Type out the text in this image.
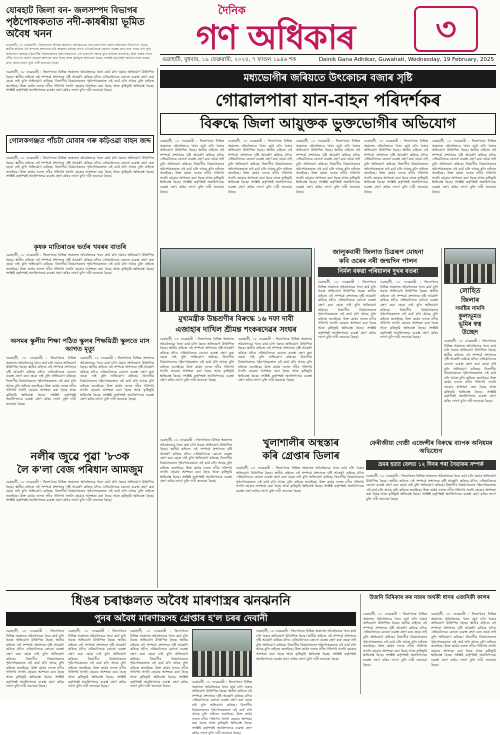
যোৰহাট জিলা বন- জলসম্পদ বিভাগৰ
পৃষ্ঠপোষকতাত নদী-কাষৰীয়া ভূমিত অবৈধ খনন
গুৱাহাটী, ১৮ ফেব্ৰুৱাৰী : জিলাখনৰ বিভিন্ন অঞ্চলত অবৈধভাৱে খনন কাৰ্য চলি থকাৰ অভিযোগ উত্থাপিত হৈছে। স্থানীয় ৰাইজে এই সম্পৰ্কে প্ৰশাসনৰ দৃষ্টি আকৰ্ষণ কৰিছে যদিও এতিয়ালৈকে কোনো ব্যৱস্থা গ্ৰহণ কৰা হোৱা নাই বুলি অভিযোগ কৰিছে। বিভাগীয় বিষয়াসকলৰ পৃষ্ঠপোষকতাত এই কাৰ্য চলি আছে বুলি ৰাইজে জনাইছে। উক্ত কাৰ্যৰ ফলত নদীৰ গতিপথ সলনি হোৱাৰ আশংকা কৰা হৈছে আৰু কৃষিভূমি ক্ষতিগ্ৰস্ত হৈছে। সংশ্লিষ্ট কৰ্তৃপক্ষই অনতিপলমে ব্যৱস্থা গ্ৰহণ কৰিব লাগে বুলি দাবী জনোৱা হৈছে।
দৈনিক
গণ অধিকাৰ	৩
গুৱাহাটী, বুধবাৰ, ১৯ ফেব্ৰুৱাৰী, ২০২৫, ৭ ফাগুন ১৯৪৬ শক	Dainik Gana Adhikar, Guwahati, Wednesday, 19 February, 2025
গুৱাহাটী, ১৮ ফেব্ৰুৱাৰী : জিলাখনৰ বিভিন্ন অঞ্চলত অবৈধভাৱে খনন কাৰ্য চলি থকাৰ অভিযোগ উত্থাপিত হৈছে। স্থানীয় ৰাইজে এই সম্পৰ্কে প্ৰশাসনৰ দৃষ্টি আকৰ্ষণ কৰিছে যদিও এতিয়ালৈকে কোনো ব্যৱস্থা গ্ৰহণ কৰা হোৱা নাই বুলি অভিযোগ কৰিছে। বিভাগীয় বিষয়াসকলৰ পৃষ্ঠপোষকতাত এই কাৰ্য চলি আছে বুলি ৰাইজে জনাইছে। উক্ত কাৰ্যৰ ফলত নদীৰ গতিপথ সলনি হোৱাৰ আশংকা কৰা হৈছে আৰু কৃষিভূমি ক্ষতিগ্ৰস্ত হৈছে। সংশ্লিষ্ট কৰ্তৃপক্ষই অনতিপলমে ব্যৱস্থা গ্ৰহণ কৰিব লাগে বুলি দাবী জনোৱা হৈছে।
গোলকগঞ্জত পাঁচটা মোবাৰ গৰু কঢ়িওৱা বাহন জব্দ
গুৱাহাটী, ১৮ ফেব্ৰুৱাৰী : জিলাখনৰ বিভিন্ন অঞ্চলত অবৈধভাৱে খনন কাৰ্য চলি থকাৰ অভিযোগ উত্থাপিত হৈছে। স্থানীয় ৰাইজে এই সম্পৰ্কে প্ৰশাসনৰ দৃষ্টি আকৰ্ষণ কৰিছে যদিও এতিয়ালৈকে কোনো ব্যৱস্থা গ্ৰহণ কৰা হোৱা নাই বুলি অভিযোগ কৰিছে। বিভাগীয় বিষয়াসকলৰ পৃষ্ঠপোষকতাত এই কাৰ্য চলি আছে বুলি ৰাইজে জনাইছে। উক্ত কাৰ্যৰ ফলত নদীৰ গতিপথ সলনি হোৱাৰ আশংকা কৰা হৈছে আৰু কৃষিভূমি ক্ষতিগ্ৰস্ত হৈছে। সংশ্লিষ্ট কৰ্তৃপক্ষই অনতিপলমে ব্যৱস্থা গ্ৰহণ কৰিব লাগে বুলি দাবী জনোৱা হৈছে।
কৃষক মাতিৰাওৰ ভৰ্তৰ খবৰৰ বাতৰি
গুৱাহাটী, ১৮ ফেব্ৰুৱাৰী : জিলাখনৰ বিভিন্ন অঞ্চলত অবৈধভাৱে খনন কাৰ্য চলি থকাৰ অভিযোগ উত্থাপিত হৈছে। স্থানীয় ৰাইজে এই সম্পৰ্কে প্ৰশাসনৰ দৃষ্টি আকৰ্ষণ কৰিছে যদিও এতিয়ালৈকে কোনো ব্যৱস্থা গ্ৰহণ কৰা হোৱা নাই বুলি অভিযোগ কৰিছে। বিভাগীয় বিষয়াসকলৰ পৃষ্ঠপোষকতাত এই কাৰ্য চলি আছে বুলি ৰাইজে জনাইছে। উক্ত কাৰ্যৰ ফলত নদীৰ গতিপথ সলনি হোৱাৰ আশংকা কৰা হৈছে আৰু কৃষিভূমি ক্ষতিগ্ৰস্ত হৈছে। সংশ্লিষ্ট কৰ্তৃপক্ষই অনতিপলমে ব্যৱস্থা গ্ৰহণ কৰিব লাগে বুলি দাবী জনোৱা হৈছে।
অসমৰ স্কুলীয় শিক্ষা পঠিত স্কুলৰ শিক্ষয়িত্ৰী স্কুলতে মাস আগত মৃত্যু
গুৱাহাটী, ১৮ ফেব্ৰুৱাৰী : জিলাখনৰ বিভিন্ন অঞ্চলত অবৈধভাৱে খনন কাৰ্য চলি থকাৰ অভিযোগ উত্থাপিত হৈছে। স্থানীয় ৰাইজে এই সম্পৰ্কে প্ৰশাসনৰ দৃষ্টি আকৰ্ষণ কৰিছে যদিও এতিয়ালৈকে কোনো ব্যৱস্থা গ্ৰহণ কৰা হোৱা নাই বুলি অভিযোগ কৰিছে। বিভাগীয় বিষয়াসকলৰ পৃষ্ঠপোষকতাত এই কাৰ্য চলি আছে বুলি ৰাইজে জনাইছে। উক্ত কাৰ্যৰ ফলত নদীৰ গতিপথ সলনি হোৱাৰ আশংকা কৰা হৈছে আৰু কৃষিভূমি ক্ষতিগ্ৰস্ত হৈছে। সংশ্লিষ্ট কৰ্তৃপক্ষই অনতিপলমে ব্যৱস্থা গ্ৰহণ কৰিব লাগে বুলি দাবী জনোৱা হৈছে।
গুৱাহাটী, ১৮ ফেব্ৰুৱাৰী : জিলাখনৰ বিভিন্ন অঞ্চলত অবৈধভাৱে খনন কাৰ্য চলি থকাৰ অভিযোগ উত্থাপিত হৈছে। স্থানীয় ৰাইজে এই সম্পৰ্কে প্ৰশাসনৰ দৃষ্টি আকৰ্ষণ কৰিছে যদিও এতিয়ালৈকে কোনো ব্যৱস্থা গ্ৰহণ কৰা হোৱা নাই বুলি অভিযোগ কৰিছে। বিভাগীয় বিষয়াসকলৰ পৃষ্ঠপোষকতাত এই কাৰ্য চলি আছে বুলি ৰাইজে জনাইছে। উক্ত কাৰ্যৰ ফলত নদীৰ গতিপথ সলনি হোৱাৰ আশংকা কৰা হৈছে আৰু কৃষিভূমি ক্ষতিগ্ৰস্ত হৈছে। সংশ্লিষ্ট কৰ্তৃপক্ষই অনতিপলমে ব্যৱস্থা গ্ৰহণ কৰিব লাগে বুলি দাবী জনোৱা হৈছে।
নলীৰ জুৱে পুৱা '৮৩ক
লৈ ক'লা বেজ পৰিধান আমজুম
গুৱাহাটী, ১৮ ফেব্ৰুৱাৰী : জিলাখনৰ বিভিন্ন অঞ্চলত অবৈধভাৱে খনন কাৰ্য চলি থকাৰ অভিযোগ উত্থাপিত হৈছে। স্থানীয় ৰাইজে এই সম্পৰ্কে প্ৰশাসনৰ দৃষ্টি আকৰ্ষণ কৰিছে যদিও এতিয়ালৈকে কোনো ব্যৱস্থা গ্ৰহণ কৰা হোৱা নাই বুলি অভিযোগ কৰিছে। বিভাগীয় বিষয়াসকলৰ পৃষ্ঠপোষকতাত এই কাৰ্য চলি আছে বুলি ৰাইজে জনাইছে। উক্ত কাৰ্যৰ ফলত নদীৰ গতিপথ সলনি হোৱাৰ আশংকা কৰা হৈছে আৰু কৃষিভূমি ক্ষতিগ্ৰস্ত হৈছে। সংশ্লিষ্ট কৰ্তৃপক্ষই অনতিপলমে ব্যৱস্থা গ্ৰহণ কৰিব লাগে বুলি দাবী জনোৱা হৈছে।
মধ্যভোগীৰ জৰিয়তে উৎকোচৰ বজাৰ সৃষ্টি
গোৱালপাৰা যান-বাহন পৰিদৰ্শকৰ
বিৰুদ্ধে জিলা আয়ুক্তক ভুক্তভোগীৰ অভিযোগ
গুৱাহাটী, ১৮ ফেব্ৰুৱাৰী : জিলাখনৰ বিভিন্ন অঞ্চলত অবৈধভাৱে খনন কাৰ্য চলি থকাৰ অভিযোগ উত্থাপিত হৈছে। স্থানীয় ৰাইজে এই সম্পৰ্কে প্ৰশাসনৰ দৃষ্টি আকৰ্ষণ কৰিছে যদিও এতিয়ালৈকে কোনো ব্যৱস্থা গ্ৰহণ কৰা হোৱা নাই বুলি অভিযোগ কৰিছে। বিভাগীয় বিষয়াসকলৰ পৃষ্ঠপোষকতাত এই কাৰ্য চলি আছে বুলি ৰাইজে জনাইছে। উক্ত কাৰ্যৰ ফলত নদীৰ গতিপথ সলনি হোৱাৰ আশংকা কৰা হৈছে আৰু কৃষিভূমি ক্ষতিগ্ৰস্ত হৈছে। সংশ্লিষ্ট কৰ্তৃপক্ষই অনতিপলমে ব্যৱস্থা গ্ৰহণ কৰিব লাগে বুলি দাবী জনোৱা হৈছে।
গুৱাহাটী, ১৮ ফেব্ৰুৱাৰী : জিলাখনৰ বিভিন্ন অঞ্চলত অবৈধভাৱে খনন কাৰ্য চলি থকাৰ অভিযোগ উত্থাপিত হৈছে। স্থানীয় ৰাইজে এই সম্পৰ্কে প্ৰশাসনৰ দৃষ্টি আকৰ্ষণ কৰিছে যদিও এতিয়ালৈকে কোনো ব্যৱস্থা গ্ৰহণ কৰা হোৱা নাই বুলি অভিযোগ কৰিছে। বিভাগীয় বিষয়াসকলৰ পৃষ্ঠপোষকতাত এই কাৰ্য চলি আছে বুলি ৰাইজে জনাইছে। উক্ত কাৰ্যৰ ফলত নদীৰ গতিপথ সলনি হোৱাৰ আশংকা কৰা হৈছে আৰু কৃষিভূমি ক্ষতিগ্ৰস্ত হৈছে। সংশ্লিষ্ট কৰ্তৃপক্ষই অনতিপলমে ব্যৱস্থা গ্ৰহণ কৰিব লাগে বুলি দাবী জনোৱা হৈছে।
গুৱাহাটী, ১৮ ফেব্ৰুৱাৰী : জিলাখনৰ বিভিন্ন অঞ্চলত অবৈধভাৱে খনন কাৰ্য চলি থকাৰ অভিযোগ উত্থাপিত হৈছে। স্থানীয় ৰাইজে এই সম্পৰ্কে প্ৰশাসনৰ দৃষ্টি আকৰ্ষণ কৰিছে যদিও এতিয়ালৈকে কোনো ব্যৱস্থা গ্ৰহণ কৰা হোৱা নাই বুলি অভিযোগ কৰিছে। বিভাগীয় বিষয়াসকলৰ পৃষ্ঠপোষকতাত এই কাৰ্য চলি আছে বুলি ৰাইজে জনাইছে। উক্ত কাৰ্যৰ ফলত নদীৰ গতিপথ সলনি হোৱাৰ আশংকা কৰা হৈছে আৰু কৃষিভূমি ক্ষতিগ্ৰস্ত হৈছে। সংশ্লিষ্ট কৰ্তৃপক্ষই অনতিপলমে ব্যৱস্থা গ্ৰহণ কৰিব লাগে বুলি দাবী জনোৱা হৈছে।
গুৱাহাটী, ১৮ ফেব্ৰুৱাৰী : জিলাখনৰ বিভিন্ন অঞ্চলত অবৈধভাৱে খনন কাৰ্য চলি থকাৰ অভিযোগ উত্থাপিত হৈছে। স্থানীয় ৰাইজে এই সম্পৰ্কে প্ৰশাসনৰ দৃষ্টি আকৰ্ষণ কৰিছে যদিও এতিয়ালৈকে কোনো ব্যৱস্থা গ্ৰহণ কৰা হোৱা নাই বুলি অভিযোগ কৰিছে। বিভাগীয় বিষয়াসকলৰ পৃষ্ঠপোষকতাত এই কাৰ্য চলি আছে বুলি ৰাইজে জনাইছে। উক্ত কাৰ্যৰ ফলত নদীৰ গতিপথ সলনি হোৱাৰ আশংকা কৰা হৈছে আৰু কৃষিভূমি ক্ষতিগ্ৰস্ত হৈছে। সংশ্লিষ্ট কৰ্তৃপক্ষই অনতিপলমে ব্যৱস্থা গ্ৰহণ কৰিব লাগে বুলি দাবী জনোৱা হৈছে।
গুৱাহাটী, ১৮ ফেব্ৰুৱাৰী : জিলাখনৰ বিভিন্ন অঞ্চলত অবৈধভাৱে খনন কাৰ্য চলি থকাৰ অভিযোগ উত্থাপিত হৈছে। স্থানীয় ৰাইজে এই সম্পৰ্কে প্ৰশাসনৰ দৃষ্টি আকৰ্ষণ কৰিছে যদিও এতিয়ালৈকে কোনো ব্যৱস্থা গ্ৰহণ কৰা হোৱা নাই বুলি অভিযোগ কৰিছে। বিভাগীয় বিষয়াসকলৰ পৃষ্ঠপোষকতাত এই কাৰ্য চলি আছে বুলি ৰাইজে জনাইছে। উক্ত কাৰ্যৰ ফলত নদীৰ গতিপথ সলনি হোৱাৰ আশংকা কৰা হৈছে আৰু কৃষিভূমি ক্ষতিগ্ৰস্ত হৈছে। সংশ্লিষ্ট কৰ্তৃপক্ষই অনতিপলমে ব্যৱস্থা গ্ৰহণ কৰিব লাগে বুলি দাবী জনোৱা হৈছে।
মুখ্যমন্ত্ৰীক উচ্চশ্ৰণীৰ বিৰুদ্ধে ১৬ দফা দাবী
এজাহাৰ দাখিল শ্ৰীমন্ত শংকৰদেৱৰ সংঘৰ
গুৱাহাটী, ১৮ ফেব্ৰুৱাৰী : জিলাখনৰ বিভিন্ন অঞ্চলত অবৈধভাৱে খনন কাৰ্য চলি থকাৰ অভিযোগ উত্থাপিত হৈছে। স্থানীয় ৰাইজে এই সম্পৰ্কে প্ৰশাসনৰ দৃষ্টি আকৰ্ষণ কৰিছে যদিও এতিয়ালৈকে কোনো ব্যৱস্থা গ্ৰহণ কৰা হোৱা নাই বুলি অভিযোগ কৰিছে। বিভাগীয় বিষয়াসকলৰ পৃষ্ঠপোষকতাত এই কাৰ্য চলি আছে বুলি ৰাইজে জনাইছে। উক্ত কাৰ্যৰ ফলত নদীৰ গতিপথ সলনি হোৱাৰ আশংকা কৰা হৈছে আৰু কৃষিভূমি ক্ষতিগ্ৰস্ত হৈছে। সংশ্লিষ্ট কৰ্তৃপক্ষই অনতিপলমে ব্যৱস্থা গ্ৰহণ কৰিব লাগে বুলি দাবী জনোৱা হৈছে।
গুৱাহাটী, ১৮ ফেব্ৰুৱাৰী : জিলাখনৰ বিভিন্ন অঞ্চলত অবৈধভাৱে খনন কাৰ্য চলি থকাৰ অভিযোগ উত্থাপিত হৈছে। স্থানীয় ৰাইজে এই সম্পৰ্কে প্ৰশাসনৰ দৃষ্টি আকৰ্ষণ কৰিছে যদিও এতিয়ালৈকে কোনো ব্যৱস্থা গ্ৰহণ কৰা হোৱা নাই বুলি অভিযোগ কৰিছে। বিভাগীয় বিষয়াসকলৰ পৃষ্ঠপোষকতাত এই কাৰ্য চলি আছে বুলি ৰাইজে জনাইছে। উক্ত কাৰ্যৰ ফলত নদীৰ গতিপথ সলনি হোৱাৰ আশংকা কৰা হৈছে আৰু কৃষিভূমি ক্ষতিগ্ৰস্ত হৈছে। সংশ্লিষ্ট কৰ্তৃপক্ষই অনতিপলমে ব্যৱস্থা গ্ৰহণ কৰিব লাগে বুলি দাবী জনোৱা হৈছে।
খুলাশালীৰ অস্থস্তাৰ
কৰি গ্ৰেপ্তাৰ ডিলাৰ
ফেৰীজীয়া গোষ্ঠী এজেন্সীৰ বিৰুদ্ধে ব্যাপক অনিয়মৰ অভিযোগ
গুৱাহাটী, ১৮ ফেব্ৰুৱাৰী : জিলাখনৰ বিভিন্ন অঞ্চলত অবৈধভাৱে খনন কাৰ্য চলি থকাৰ অভিযোগ উত্থাপিত হৈছে। স্থানীয় ৰাইজে এই সম্পৰ্কে প্ৰশাসনৰ দৃষ্টি আকৰ্ষণ কৰিছে যদিও এতিয়ালৈকে কোনো ব্যৱস্থা গ্ৰহণ কৰা হোৱা নাই বুলি অভিযোগ কৰিছে। বিভাগীয় বিষয়াসকলৰ পৃষ্ঠপোষকতাত এই কাৰ্য চলি আছে বুলি ৰাইজে জনাইছে। উক্ত কাৰ্যৰ ফলত নদীৰ গতিপথ সলনি হোৱাৰ আশংকা কৰা হৈছে আৰু কৃষিভূমি ক্ষতিগ্ৰস্ত হৈছে। সংশ্লিষ্ট কৰ্তৃপক্ষই অনতিপলমে ব্যৱস্থা গ্ৰহণ কৰিব লাগে বুলি দাবী জনোৱা হৈছে।
ভ্ৰমৰ হত্যা বেলত ১২ দিনৰ পৰা সৈয়াকৰ সম্পৰ্ক
গুৱাহাটী, ১৮ ফেব্ৰুৱাৰী : জিলাখনৰ বিভিন্ন অঞ্চলত অবৈধভাৱে খনন কাৰ্য চলি থকাৰ অভিযোগ উত্থাপিত হৈছে। স্থানীয় ৰাইজে এই সম্পৰ্কে প্ৰশাসনৰ দৃষ্টি আকৰ্ষণ কৰিছে যদিও এতিয়ালৈকে কোনো ব্যৱস্থা গ্ৰহণ কৰা হোৱা নাই বুলি অভিযোগ কৰিছে। বিভাগীয় বিষয়াসকলৰ পৃষ্ঠপোষকতাত এই কাৰ্য চলি আছে বুলি ৰাইজে জনাইছে। উক্ত কাৰ্যৰ ফলত নদীৰ গতিপথ সলনি হোৱাৰ আশংকা কৰা হৈছে আৰু কৃষিভূমি ক্ষতিগ্ৰস্ত হৈছে। সংশ্লিষ্ট কৰ্তৃপক্ষই অনতিপলমে ব্যৱস্থা গ্ৰহণ কৰিব লাগে বুলি দাবী জনোৱা হৈছে।
গুৱাহাটী, ১৮ ফেব্ৰুৱাৰী : জিলাখনৰ বিভিন্ন অঞ্চলত অবৈধভাৱে খনন কাৰ্য চলি থকাৰ অভিযোগ উত্থাপিত হৈছে। স্থানীয় ৰাইজে এই সম্পৰ্কে প্ৰশাসনৰ দৃষ্টি আকৰ্ষণ কৰিছে যদিও এতিয়ালৈকে কোনো ব্যৱস্থা গ্ৰহণ কৰা হোৱা নাই বুলি অভিযোগ কৰিছে। বিভাগীয় বিষয়াসকলৰ পৃষ্ঠপোষকতাত এই কাৰ্য চলি আছে বুলি ৰাইজে জনাইছে। উক্ত কাৰ্যৰ ফলত নদীৰ গতিপথ সলনি হোৱাৰ আশংকা কৰা হৈছে আৰু কৃষিভূমি ক্ষতিগ্ৰস্ত হৈছে। সংশ্লিষ্ট কৰ্তৃপক্ষই অনতিপলমে ব্যৱস্থা গ্ৰহণ কৰিব লাগে বুলি দাবী জনোৱা হৈছে।
জালুকবাৰী জিলাত চিত্ৰৰূপ মোহনা
কবি ওৰেৰ নৰী জন্মদিন পালন
নিৰ্মল বৰুৱা পৰিয়ালৰ দুখৰ বতৰা
গুৱাহাটী, ১৮ ফেব্ৰুৱাৰী : জিলাখনৰ বিভিন্ন অঞ্চলত অবৈধভাৱে খনন কাৰ্য চলি থকাৰ অভিযোগ উত্থাপিত হৈছে। স্থানীয় ৰাইজে এই সম্পৰ্কে প্ৰশাসনৰ দৃষ্টি আকৰ্ষণ কৰিছে যদিও এতিয়ালৈকে কোনো ব্যৱস্থা গ্ৰহণ কৰা হোৱা নাই বুলি অভিযোগ কৰিছে। বিভাগীয় বিষয়াসকলৰ পৃষ্ঠপোষকতাত এই কাৰ্য চলি আছে বুলি ৰাইজে জনাইছে। উক্ত কাৰ্যৰ ফলত নদীৰ গতিপথ সলনি হোৱাৰ আশংকা কৰা হৈছে আৰু কৃষিভূমি ক্ষতিগ্ৰস্ত হৈছে। সংশ্লিষ্ট কৰ্তৃপক্ষই অনতিপলমে ব্যৱস্থা গ্ৰহণ কৰিব লাগে বুলি দাবী জনোৱা হৈছে।
গুৱাহাটী, ১৮ ফেব্ৰুৱাৰী : জিলাখনৰ বিভিন্ন অঞ্চলত অবৈধভাৱে খনন কাৰ্য চলি থকাৰ অভিযোগ উত্থাপিত হৈছে। স্থানীয় ৰাইজে এই সম্পৰ্কে প্ৰশাসনৰ দৃষ্টি আকৰ্ষণ কৰিছে যদিও এতিয়ালৈকে কোনো ব্যৱস্থা গ্ৰহণ কৰা হোৱা নাই বুলি অভিযোগ কৰিছে। বিভাগীয় বিষয়াসকলৰ পৃষ্ঠপোষকতাত এই কাৰ্য চলি আছে বুলি ৰাইজে জনাইছে। উক্ত কাৰ্যৰ ফলত নদীৰ গতিপথ সলনি হোৱাৰ আশংকা কৰা হৈছে আৰু কৃষিভূমি ক্ষতিগ্ৰস্ত হৈছে। সংশ্লিষ্ট কৰ্তৃপক্ষই অনতিপলমে ব্যৱস্থা গ্ৰহণ কৰিব লাগে বুলি দাবী জনোৱা হৈছে।
লোহিত
জিলাৰ
সমষ্টিৰ নামনি
কুলাভূমত
ভূমিৰ স্বত্ব
উচ্ছেদ
গুৱাহাটী, ১৮ ফেব্ৰুৱাৰী : জিলাখনৰ বিভিন্ন অঞ্চলত অবৈধভাৱে খনন কাৰ্য চলি থকাৰ অভিযোগ উত্থাপিত হৈছে। স্থানীয় ৰাইজে এই সম্পৰ্কে প্ৰশাসনৰ দৃষ্টি আকৰ্ষণ কৰিছে যদিও এতিয়ালৈকে কোনো ব্যৱস্থা গ্ৰহণ কৰা হোৱা নাই বুলি অভিযোগ কৰিছে। বিভাগীয় বিষয়াসকলৰ পৃষ্ঠপোষকতাত এই কাৰ্য চলি আছে বুলি ৰাইজে জনাইছে। উক্ত কাৰ্যৰ ফলত নদীৰ গতিপথ সলনি হোৱাৰ আশংকা কৰা হৈছে আৰু কৃষিভূমি ক্ষতিগ্ৰস্ত হৈছে। সংশ্লিষ্ট কৰ্তৃপক্ষই অনতিপলমে ব্যৱস্থা গ্ৰহণ কৰিব লাগে বুলি দাবী জনোৱা হৈছে।
ধিঙৰ চৰাঞ্চলত অবৈধ মাৰণাস্ত্ৰৰ ঝনঝননি
পুনৰ অবৈধ মাৰণাস্ত্ৰসহ গ্ৰেপ্তাৰ হ'ল চৰৰ দেবানী
গুৱাহাটী, ১৮ ফেব্ৰুৱাৰী : জিলাখনৰ বিভিন্ন অঞ্চলত অবৈধভাৱে খনন কাৰ্য চলি থকাৰ অভিযোগ উত্থাপিত হৈছে। স্থানীয় ৰাইজে এই সম্পৰ্কে প্ৰশাসনৰ দৃষ্টি আকৰ্ষণ কৰিছে যদিও এতিয়ালৈকে কোনো ব্যৱস্থা গ্ৰহণ কৰা হোৱা নাই বুলি অভিযোগ কৰিছে। বিভাগীয় বিষয়াসকলৰ পৃষ্ঠপোষকতাত এই কাৰ্য চলি আছে বুলি ৰাইজে জনাইছে। উক্ত কাৰ্যৰ ফলত নদীৰ গতিপথ সলনি হোৱাৰ আশংকা কৰা হৈছে আৰু কৃষিভূমি ক্ষতিগ্ৰস্ত হৈছে। সংশ্লিষ্ট কৰ্তৃপক্ষই অনতিপলমে ব্যৱস্থা গ্ৰহণ কৰিব লাগে বুলি দাবী জনোৱা হৈছে।
গুৱাহাটী, ১৮ ফেব্ৰুৱাৰী : জিলাখনৰ বিভিন্ন অঞ্চলত অবৈধভাৱে খনন কাৰ্য চলি থকাৰ অভিযোগ উত্থাপিত হৈছে। স্থানীয় ৰাইজে এই সম্পৰ্কে প্ৰশাসনৰ দৃষ্টি আকৰ্ষণ কৰিছে যদিও এতিয়ালৈকে কোনো ব্যৱস্থা গ্ৰহণ কৰা হোৱা নাই বুলি অভিযোগ কৰিছে। বিভাগীয় বিষয়াসকলৰ পৃষ্ঠপোষকতাত এই কাৰ্য চলি আছে বুলি ৰাইজে জনাইছে। উক্ত কাৰ্যৰ ফলত নদীৰ গতিপথ সলনি হোৱাৰ আশংকা কৰা হৈছে আৰু কৃষিভূমি ক্ষতিগ্ৰস্ত হৈছে। সংশ্লিষ্ট কৰ্তৃপক্ষই অনতিপলমে ব্যৱস্থা গ্ৰহণ কৰিব লাগে বুলি দাবী জনোৱা হৈছে।
গুৱাহাটী, ১৮ ফেব্ৰুৱাৰী : জিলাখনৰ বিভিন্ন অঞ্চলত অবৈধভাৱে খনন কাৰ্য চলি থকাৰ অভিযোগ উত্থাপিত হৈছে। স্থানীয় ৰাইজে এই সম্পৰ্কে প্ৰশাসনৰ দৃষ্টি আকৰ্ষণ কৰিছে যদিও এতিয়ালৈকে কোনো ব্যৱস্থা গ্ৰহণ কৰা হোৱা নাই বুলি অভিযোগ কৰিছে। বিভাগীয় বিষয়াসকলৰ পৃষ্ঠপোষকতাত এই কাৰ্য চলি আছে বুলি ৰাইজে জনাইছে। উক্ত কাৰ্যৰ ফলত নদীৰ গতিপথ সলনি হোৱাৰ আশংকা কৰা হৈছে আৰু কৃষিভূমি ক্ষতিগ্ৰস্ত হৈছে। সংশ্লিষ্ট কৰ্তৃপক্ষই অনতিপলমে ব্যৱস্থা গ্ৰহণ কৰিব লাগে বুলি দাবী জনোৱা হৈছে।
গুৱাহাটী, ১৮ ফেব্ৰুৱাৰী : জিলাখনৰ বিভিন্ন অঞ্চলত অবৈধভাৱে খনন কাৰ্য চলি থকাৰ অভিযোগ উত্থাপিত হৈছে। স্থানীয় ৰাইজে এই সম্পৰ্কে প্ৰশাসনৰ দৃষ্টি আকৰ্ষণ কৰিছে যদিও এতিয়ালৈকে কোনো ব্যৱস্থা গ্ৰহণ কৰা হোৱা নাই বুলি অভিযোগ কৰিছে। বিভাগীয় বিষয়াসকলৰ পৃষ্ঠপোষকতাত এই কাৰ্য চলি আছে বুলি ৰাইজে জনাইছে। উক্ত কাৰ্যৰ ফলত নদীৰ গতিপথ সলনি হোৱাৰ আশংকা কৰা হৈছে আৰু কৃষিভূমি ক্ষতিগ্ৰস্ত হৈছে। সংশ্লিষ্ট কৰ্তৃপক্ষই অনতিপলমে ব্যৱস্থা গ্ৰহণ কৰিব লাগে বুলি দাবী জনোৱা হৈছে।
গুৱাহাটী, ১৮ ফেব্ৰুৱাৰী : জিলাখনৰ বিভিন্ন অঞ্চলত অবৈধভাৱে খনন কাৰ্য চলি থকাৰ অভিযোগ উত্থাপিত হৈছে। স্থানীয় ৰাইজে এই সম্পৰ্কে প্ৰশাসনৰ দৃষ্টি আকৰ্ষণ কৰিছে যদিও এতিয়ালৈকে কোনো ব্যৱস্থা গ্ৰহণ কৰা হোৱা নাই বুলি অভিযোগ কৰিছে। বিভাগীয় বিষয়াসকলৰ পৃষ্ঠপোষকতাত এই কাৰ্য চলি আছে বুলি ৰাইজে জনাইছে। উক্ত কাৰ্যৰ ফলত নদীৰ গতিপথ সলনি হোৱাৰ আশংকা কৰা হৈছে আৰু কৃষিভূমি ক্ষতিগ্ৰস্ত হৈছে। সংশ্লিষ্ট কৰ্তৃপক্ষই অনতিপলমে ব্যৱস্থা গ্ৰহণ কৰিব লাগে বুলি দাবী জনোৱা হৈছে।
উজনি মিৰিকাৰ কৰ নজৰ অৰ্থকী ধানৰ এজনিকী কালৰ
গুৱাহাটী, ১৮ ফেব্ৰুৱাৰী : জিলাখনৰ বিভিন্ন অঞ্চলত অবৈধভাৱে খনন কাৰ্য চলি থকাৰ অভিযোগ উত্থাপিত হৈছে। স্থানীয় ৰাইজে এই সম্পৰ্কে প্ৰশাসনৰ দৃষ্টি আকৰ্ষণ কৰিছে যদিও এতিয়ালৈকে কোনো ব্যৱস্থা গ্ৰহণ কৰা হোৱা নাই বুলি অভিযোগ কৰিছে। বিভাগীয় বিষয়াসকলৰ পৃষ্ঠপোষকতাত এই কাৰ্য চলি আছে বুলি ৰাইজে জনাইছে। উক্ত কাৰ্যৰ ফলত নদীৰ গতিপথ সলনি হোৱাৰ আশংকা কৰা হৈছে আৰু কৃষিভূমি ক্ষতিগ্ৰস্ত হৈছে। সংশ্লিষ্ট কৰ্তৃপক্ষই অনতিপলমে ব্যৱস্থা গ্ৰহণ কৰিব লাগে বুলি দাবী জনোৱা হৈছে।
গুৱাহাটী, ১৮ ফেব্ৰুৱাৰী : জিলাখনৰ বিভিন্ন অঞ্চলত অবৈধভাৱে খনন কাৰ্য চলি থকাৰ অভিযোগ উত্থাপিত হৈছে। স্থানীয় ৰাইজে এই সম্পৰ্কে প্ৰশাসনৰ দৃষ্টি আকৰ্ষণ কৰিছে যদিও এতিয়ালৈকে কোনো ব্যৱস্থা গ্ৰহণ কৰা হোৱা নাই বুলি অভিযোগ কৰিছে। বিভাগীয় বিষয়াসকলৰ পৃষ্ঠপোষকতাত এই কাৰ্য চলি আছে বুলি ৰাইজে জনাইছে। উক্ত কাৰ্যৰ ফলত নদীৰ গতিপথ সলনি হোৱাৰ আশংকা কৰা হৈছে আৰু কৃষিভূমি ক্ষতিগ্ৰস্ত হৈছে। সংশ্লিষ্ট কৰ্তৃপক্ষই অনতিপলমে ব্যৱস্থা গ্ৰহণ কৰিব লাগে বুলি দাবী জনোৱা হৈছে।
